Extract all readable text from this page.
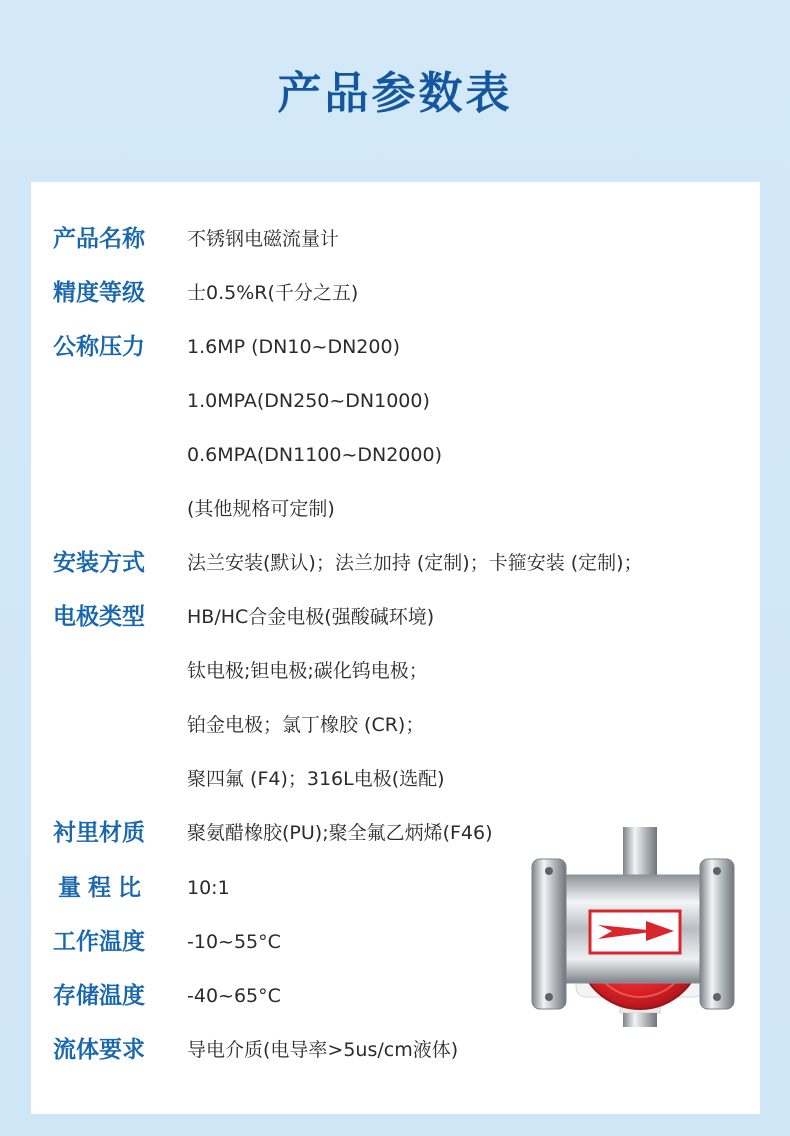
产品参数表
产品名称	不锈钢电磁流量计
精度等级	士0.5%R(千分之五)
公称压力	1.6MP (DN10~DN200)
1.0MPA(DN250~DN1000)
0.6MPA(DN1100~DN2000)
(其他规格可定制)
安装方式	法兰安装(默认)；法兰加持 (定制)；卡箍安装 (定制)；
电极类型	HB/HC合金电极(强酸碱环境)
钛电极;钽电极;碳化钨电极；
铂金电极；氯丁橡胶 (CR)；
聚四氟 (F4)；316L电极(选配)
衬里材质	聚氨醋橡胶(PU);聚全氟乙炳烯(F46)
量程比	10:1
工作温度	-10~55°C
存储温度	-40~65°C
流体要求	导电介质(电导率>5us/cm液体)
